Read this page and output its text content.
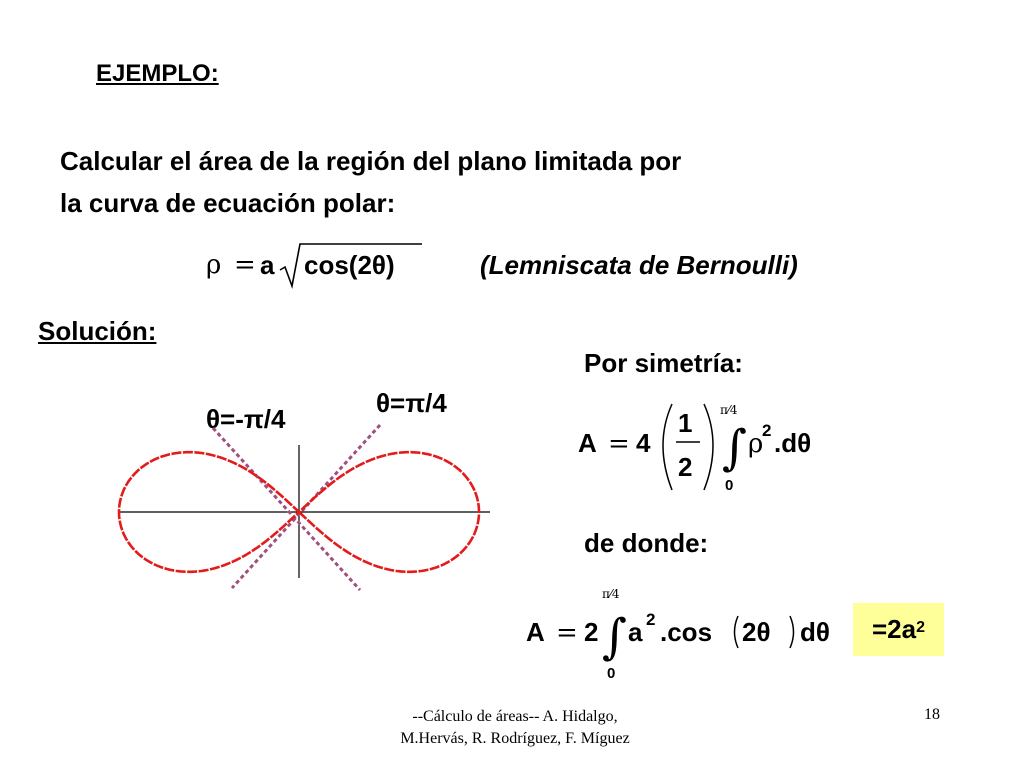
EJEMPLO:
Calcular el área de la región del plano limitada por
la curva de ecuación polar:
ρ = a cos(2θ)	(Lemniscata de Bernoulli)
Solución:
θ=-π/4
θ=π/4
Por simetría:
A = 4
1
2
π⁄4
∫
0
ρ
2 .dθ
de donde:
A = 2
π⁄4
∫
0
a 2 .cos 2θ $d\theta =2a^2$
--Cálculo de áreas-- A. Hidalgo,
M.Hervás, R. Rodríguez, F. Míguez
18
